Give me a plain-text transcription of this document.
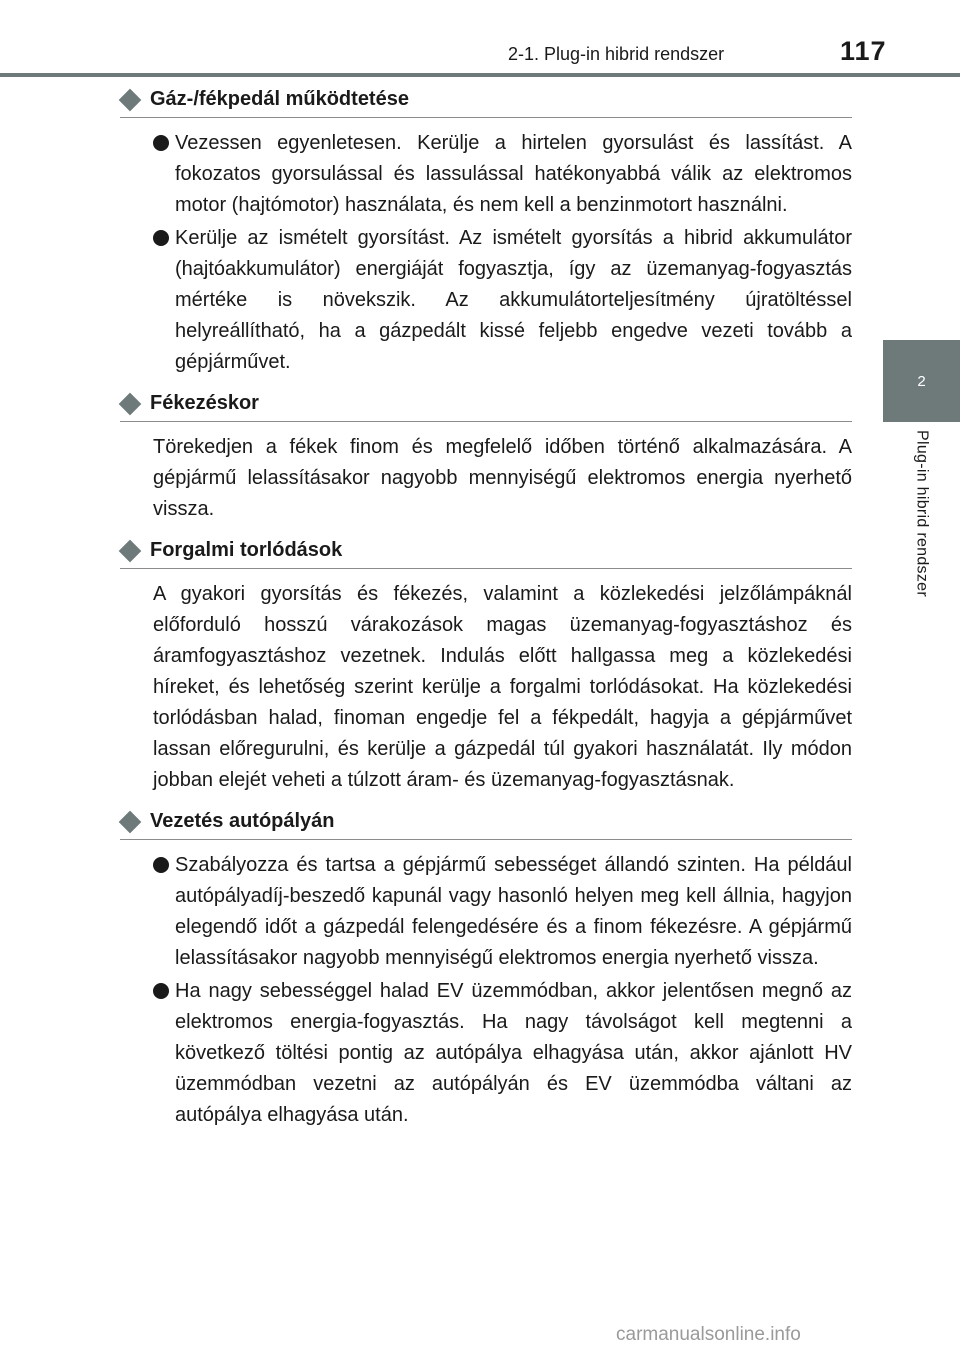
2-1. Plug-in hibrid rendszer	117
2
Plug-in hibrid rendszer
Gáz-/fékpedál működtetése
Vezessen egyenletesen. Kerülje a hirtelen gyorsulást és lassítást. A fokozatos gyorsulással és lassulással hatékonyabbá válik az elektromos motor (hajtómotor) használata, és nem kell a benzinmotort használni.
Kerülje az ismételt gyorsítást. Az ismételt gyorsítás a hibrid akkumulátor (hajtóakkumulátor) energiáját fogyasztja, így az üzemanyag-fogyasztás mértéke is növekszik. Az akkumulátorteljesítmény újratöltéssel helyreállítható, ha a gázpedált kissé feljebb engedve vezeti tovább a gépjárművet.
Fékezéskor
Törekedjen a fékek finom és megfelelő időben történő alkalmazására. A gépjármű lelassításakor nagyobb mennyiségű elektromos energia nyerhető vissza.
Forgalmi torlódások
A gyakori gyorsítás és fékezés, valamint a közlekedési jelzőlámpáknál előforduló hosszú várakozások magas üzemanyag-fogyasztáshoz és áramfogyasztáshoz vezetnek. Indulás előtt hallgassa meg a közlekedési híreket, és lehetőség szerint kerülje a forgalmi torlódásokat. Ha közlekedési torlódásban halad, finoman engedje fel a fékpedált, hagyja a gépjárművet lassan előregurulni, és kerülje a gázpedál túl gyakori használatát. Ily módon jobban elejét veheti a túlzott áram- és üzemanyag-fogyasztásnak.
Vezetés autópályán
Szabályozza és tartsa a gépjármű sebességet állandó szinten. Ha például autópályadíj-beszedő kapunál vagy hasonló helyen meg kell állnia, hagyjon elegendő időt a gázpedál felengedésére és a finom fékezésre. A gépjármű lelassításakor nagyobb mennyiségű elektromos energia nyerhető vissza.
Ha nagy sebességgel halad EV üzemmódban, akkor jelentősen megnő az elektromos energia-fogyasztás. Ha nagy távolságot kell megtenni a következő töltési pontig az autópálya elhagyása után, akkor ajánlott HV üzemmódban vezetni az autópályán és EV üzemmódba váltani az autópálya elhagyása után.
carmanualsonline.info
